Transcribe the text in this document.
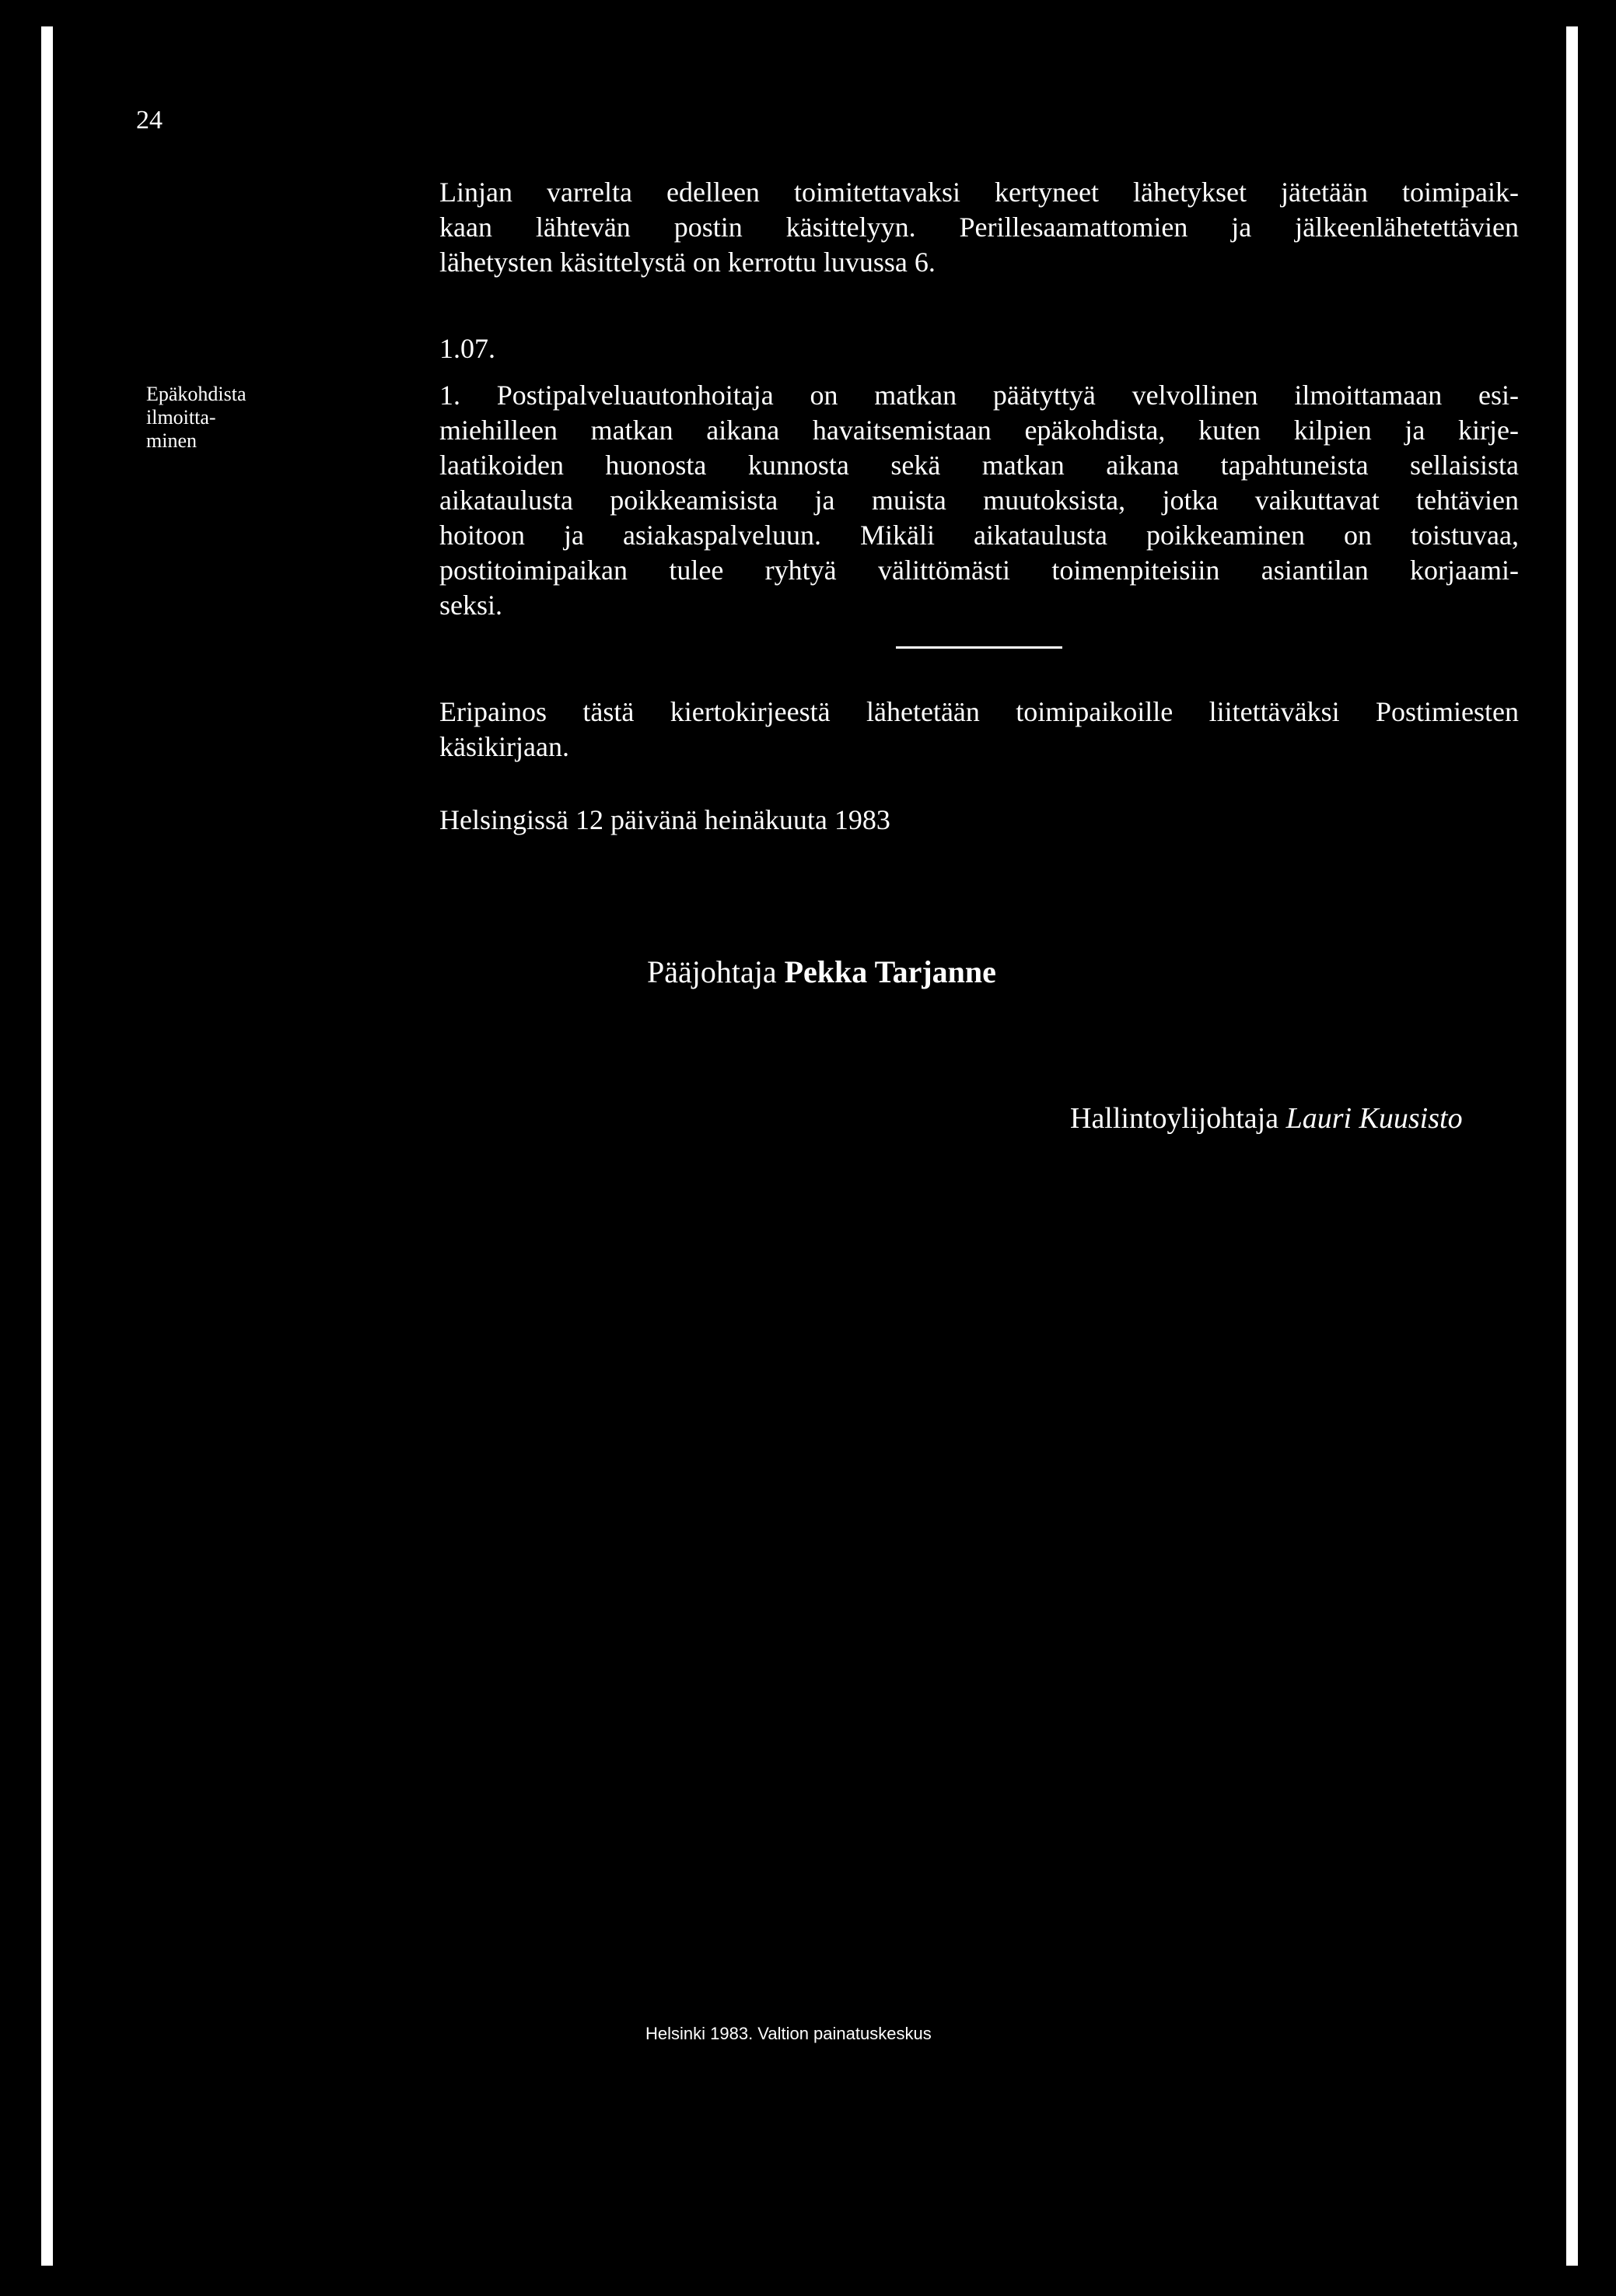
24
Linjan varrelta edelleen toimitettavaksi kertyneet lähetykset jätetään toimipaik-
kaan lähtevän postin käsittelyyn. Perillesaamattomien ja jälkeenlähetettävien
lähetysten käsittelystä on kerrottu luvussa 6.
1.07.
Epäkohdista ilmoitta-
minen
1. Postipalveluautonhoitaja on matkan päätyttyä velvollinen ilmoittamaan esi-
miehilleen matkan aikana havaitsemistaan epäkohdista, kuten kilpien ja kirje-
laatikoiden huonosta kunnosta sekä matkan aikana tapahtuneista sellaisista
aikataulusta poikkeamisista ja muista muutoksista, jotka vaikuttavat tehtävien
hoitoon ja asiakaspalveluun. Mikäli aikataulusta poikkeaminen on toistuvaa,
postitoimipaikan tulee ryhtyä välittömästi toimenpiteisiin asiantilan korjaami-
seksi.
Eripainos tästä kiertokirjeestä lähetetään toimipaikoille liitettäväksi Postimiesten
käsikirjaan.
Helsingissä 12 päivänä heinäkuuta 1983
Pääjohtaja Pekka Tarjanne
Hallintoylijohtaja Lauri Kuusisto
Helsinki 1983. Valtion painatuskeskus
